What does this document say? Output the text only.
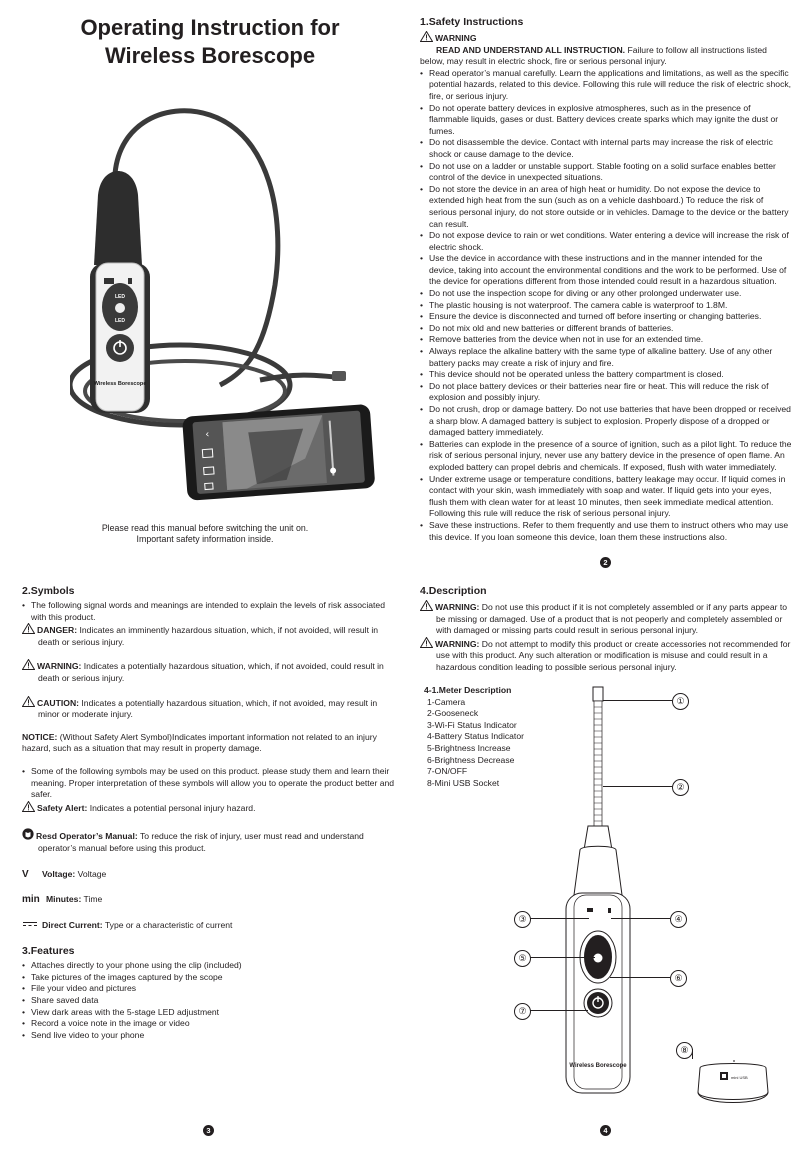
Operating Instruction for
Wireless Borescope
LED
LED
Wireless Borescope
‹
Please read this manual before switching the unit on.
Important safety information inside.
1.Safety Instructions
WARNING
READ AND UNDERSTAND ALL INSTRUCTION. Failure to follow all instructions listed below, may result in electric shock, fire or serious personal injury.
• Read operator’s manual carefully. Learn the applications and limitations, as well as the specific potential hazards, related to this device. Following this rule will reduce the risk of electric shock, fire, or serious injury.
• Do not operate battery devices in explosive atmospheres, such as in the presence of flammable liquids, gases or dust. Battery devices create sparks which may ignite the dust or fumes.
• Do not disassemble the device. Contact with internal parts may increase the risk of electric shock or cause damage to the device.
• Do not use on a ladder or unstable support. Stable footing on a solid surface enables better control of the device in unexpected situations.
• Do not store the device in an area of high heat or humidity. Do not expose the device to extended high heat from the sun (such as on a vehicle dashboard.) To reduce the risk of serious personal injury, do not store outside or in vehicles. Damage to the device or the battery can result.
• Do not expose device to rain or wet conditions. Water entering a device will increase the risk of electric shock.
• Use the device in accordance with these instructions and in the manner intended for the device, taking into account the environmental conditions and the work to be performed. Use of the device for operations different from those intended could result in a hazardous situation.
• Do not use the inspection scope for diving or any other prolonged underwater use.
• The plastic housing is not waterproof. The camera cable is waterproof to 1.8M.
• Ensure the device is disconnected and turned off before inserting or changing batteries.
• Do not mix old and new batteries or different brands of batteries.
• Remove batteries from the device when not in use for an extended time.
• Always replace the alkaline battery with the same type of alkaline battery. Use of any other battery packs may create a risk of injury and fire.
• This device should not be operated unless the battery compartment is closed.
• Do not place battery devices or their batteries near fire or heat. This will reduce the risk of explosion and possibly injury.
• Do not crush, drop or damage battery. Do not use batteries that have been dropped or received a sharp blow. A damaged battery is subject to explosion. Properly dispose of a dropped or damaged battery immediately.
• Batteries can explode in the presence of a source of ignition, such as a pilot light. To reduce the risk of serious personal injury, never use any battery device in the presence of open flame. An exploded battery can propel debris and chemicals. If exposed, flush with water immediately.
• Under extreme usage or temperature conditions, battery leakage may occur. If liquid comes in contact with your skin, wash immediately with soap and water. If liquid gets into your eyes, flush them with clean water for at least 10 minutes, then seek immediate medical attention. Following this rule will reduce the risk of serious personal injury.
• Save these instructions. Refer to them frequently and use them to instruct others who may use this device. If you loan someone this device, loan them these instructions also.
2
2.Symbols
• The following signal words and meanings are intended to explain the levels of risk associated with this product.
DANGER: Indicates an imminently hazardous situation, which, if not avoided, will result in death or serious injury.
WARNING: Indicates a potentially hazardous situation, which, if not avoided, could result in death or serious injury.
CAUTION: Indicates a potentially hazardous situation, which, if not avoided, may result in minor or moderate injury.
NOTICE: (Without Safety Alert Symbol)Indicates important information not related to an injury hazard, such as a situation that may result in property damage.
• Some of the following symbols may be used on this product. please study them and learn their meaning. Proper interpretation of these symbols will allow you to operate the product better and safer.
Safety Alert: Indicates a potential personal injury hazard.
Resd Operator’s Manual: To reduce the risk of injury, user must read and understand operator’s manual before using this product.
V Voltage: Voltage
min Minutes: Time
Direct Current: Type or a characteristic of current
3.Features
• Attaches directly to your phone using the clip (included)
• Take pictures of the images captured by the scope
• File your video and pictures
• Share saved data
• View dark areas with the 5-stage LED adjustment
• Record a voice note in the image or video
• Send live video to your phone
3
4.Description
WARNING: Do not use this product if it is not completely assembled or if any parts appear to be missing or damaged. Use of a product that is not peoperly and completely assembled or with damaged or missing parts could result in serious personal injury.
WARNING: Do not attempt to modify this product or create accessories not recommended for use with this product. Any such alteration or modification is misuse and could result in a hazardous condition leading to possible serious personal injury.
4-1.Meter Description
1-Camera
2-Gooseneck
3-Wi-Fi Status Indicator
4-Battery Status Indicator
5-Brightness Increase
6-Brightness Decrease
7-ON/OFF
8-Mini USB Socket
Wireless Borescope
①
②
③	④
⑤
⑥
⑦
⑧
mini USB
4
